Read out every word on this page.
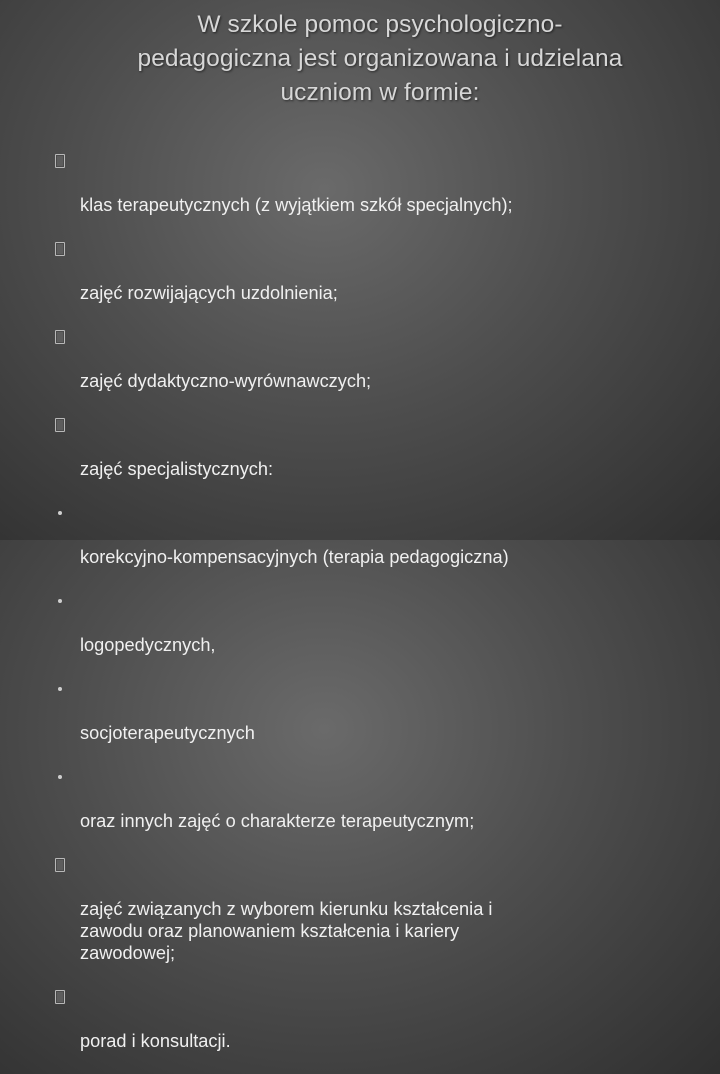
W szkole pomoc psychologiczno-
pedagogiczna jest organizowana i udzielana
uczniom w formie:

klas terapeutycznych (z wyjątkiem szkół specjalnych);

zajęć rozwijających uzdolnienia;

zajęć dydaktyczno-wyrównawczych;

zajęć specjalistycznych:

korekcyjno-kompensacyjnych (terapia pedagogiczna)

logopedycznych,

socjoterapeutycznych

oraz innych zajęć o charakterze terapeutycznym;

zajęć związanych z wyborem kierunku kształcenia i
zawodu oraz planowaniem kształcenia i kariery
zawodowej;

porad i konsultacji.
